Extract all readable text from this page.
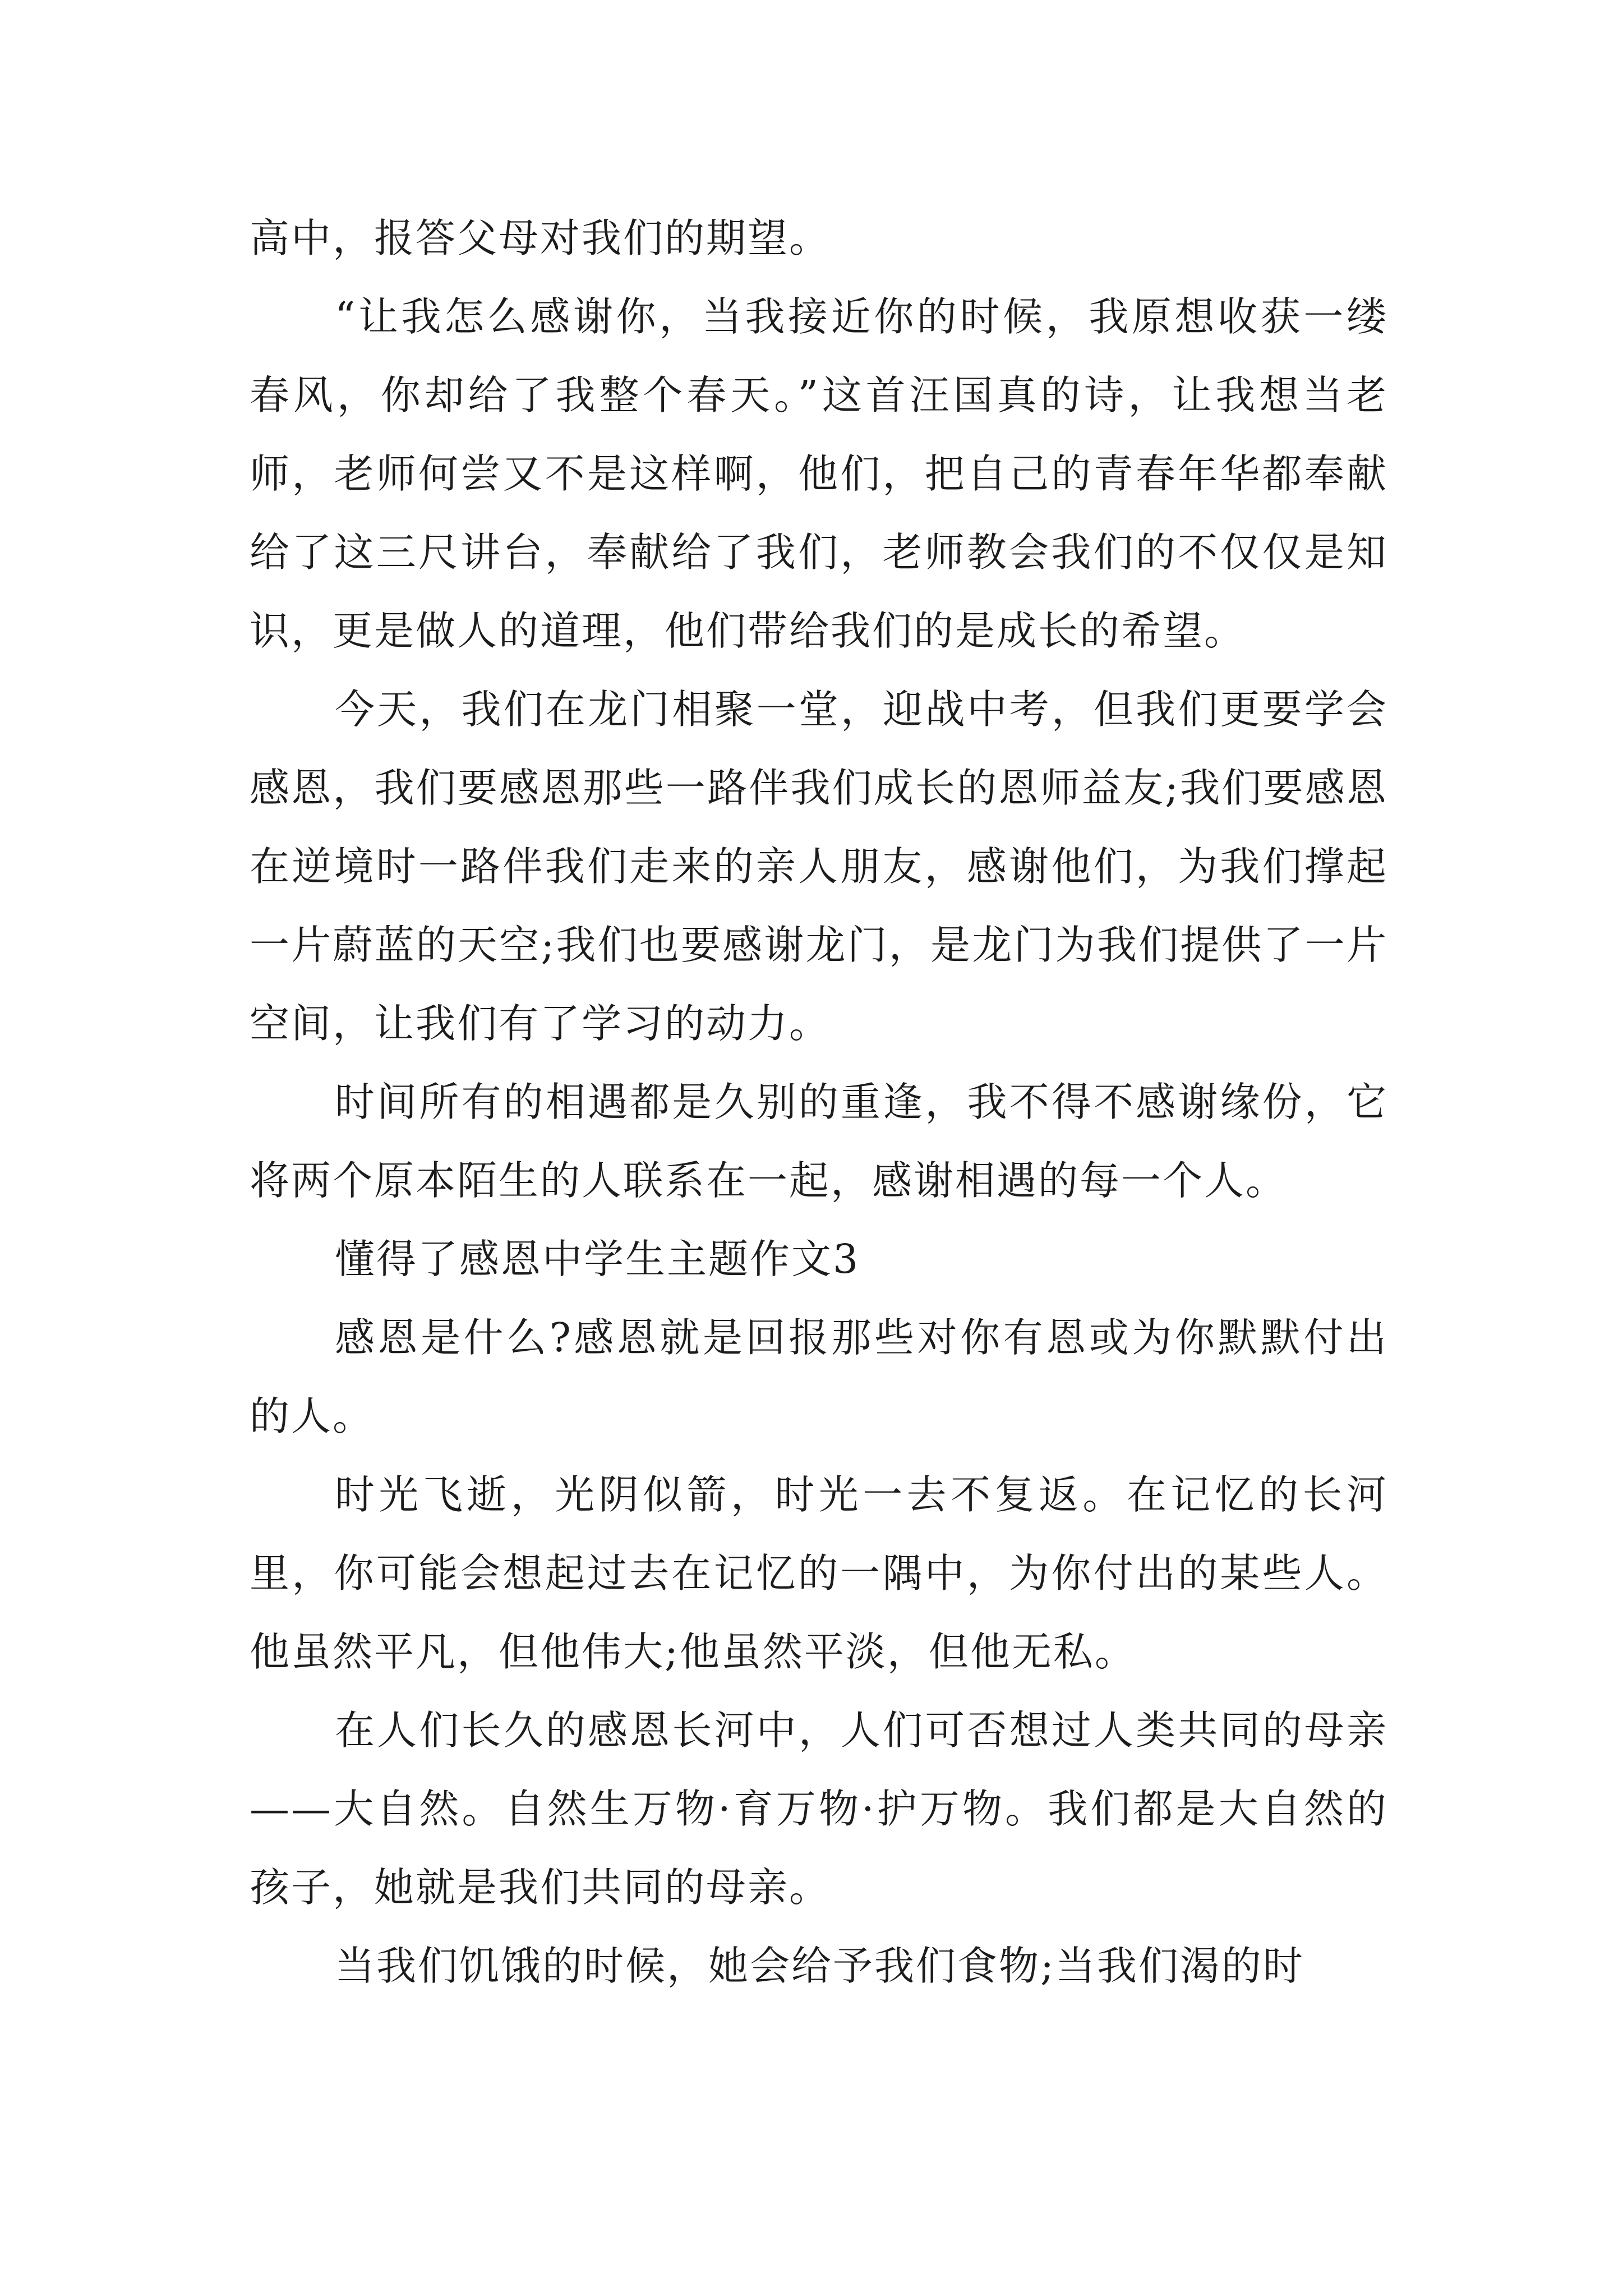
高中，报答父母对我们的期望。

“让我怎么感谢你，当我接近你的时候，我原想收获一缕春风，你却给了我整个春天。”这首汪国真的诗，让我想当老师，老师何尝又不是这样啊，他们，把自己的青春年华都奉献给了这三尺讲台，奉献给了我们，老师教会我们的不仅仅是知识，更是做人的道理，他们带给我们的是成长的希望。

今天，我们在龙门相聚一堂，迎战中考，但我们更要学会感恩，我们要感恩那些一路伴我们成长的恩师益友;我们要感恩在逆境时一路伴我们走来的亲人朋友，感谢他们，为我们撑起一片蔚蓝的天空;我们也要感谢龙门，是龙门为我们提供了一片空间，让我们有了学习的动力。

时间所有的相遇都是久别的重逢，我不得不感谢缘份，它将两个原本陌生的人联系在一起，感谢相遇的每一个人。

懂得了感恩中学生主题作文3

感恩是什么?感恩就是回报那些对你有恩或为你默默付出的人。

时光飞逝，光阴似箭，时光一去不复返。在记忆的长河里，你可能会想起过去在记忆的一隅中，为你付出的某些人。他虽然平凡，但他伟大;他虽然平淡，但他无私。

在人们长久的感恩长河中，人们可否想过人类共同的母亲——大自然。自然生万物·育万物·护万物。我们都是大自然的孩子，她就是我们共同的母亲。

当我们饥饿的时候，她会给予我们食物;当我们渴的时
